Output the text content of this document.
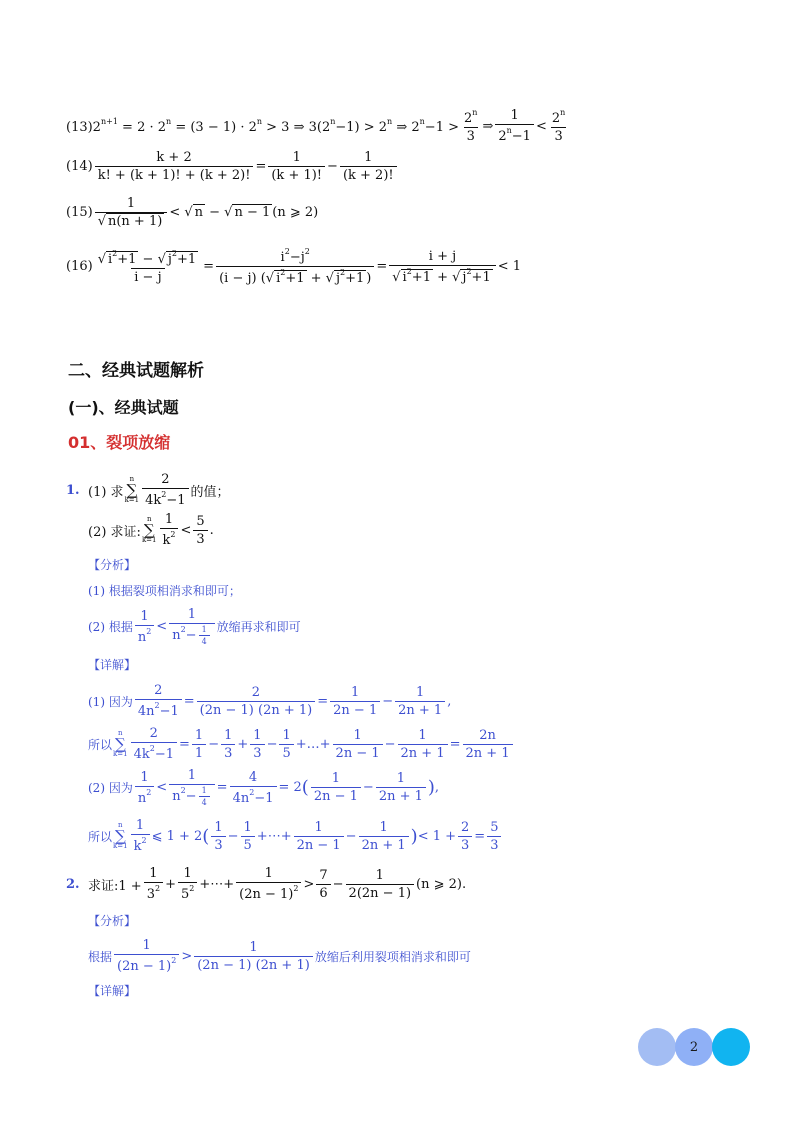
$(13)2^{n+1} = 2 \cdot 2^n = (3 - 1) \cdot 2^n > 3$ ⇒ $3(2^n-1) > 2^n$ ⇒ $2^n-1 > \frac{2^n}{3}$ ⇒ $\frac{1}{2^n-1} < \frac{2^n}{3}$
$(14) \frac{k + 2}{k! + (k + 1)! + (k + 2)!} = \frac{1}{(k + 1)!} - \frac{1}{(k + 2)!}$
$(15) \frac{1}{√ n(n + 1)}$ < √ n − √ n − 1 (n ⩾ 2)
$(16) \frac{√ i^2+1 - √ j^2+1}{i - j} = \frac{i^2-j^2}{(i - j) (√ i^2+1 + √ j^2+1 )} = \frac{i + j}{√ i^2+1 + √ j^2+1} < 1$
二、经典试题解析
(一)、经典试题
01、裂项放缩
1. (1) 求
n
∑
$k=1 \frac{2}{4k^2-1}$ 的值；
(2) 求证:
n
∑
$k=1 \frac{1}{k^2} < \frac{5}{3}$ .
【分析】
(1) 根据裂项相消求和即可；
(2) 根据 $\frac{1}{n^2} < \frac{1}{n^2- \frac{1}{4}}$ 放缩再求和即可
【详解】
(1) 因为 $\frac{2}{4n^2-1} = \frac{2}{(2n - 1) (2n + 1)} = \frac{1}{2n - 1} - \frac{1}{2n + 1}$ ,
所以
n
∑
$k=1 \frac{2}{4k^2-1} = \frac{1}{1} - \frac{1}{3} + \frac{1}{3} - \frac{1}{5}$ +…+ $\frac{1}{2n - 1} - \frac{1}{2n + 1} = \frac{2n}{2n + 1}$
(2) 因为 $\frac{1}{n^2} < \frac{1}{n^2- \frac{1}{4}} = \frac{4}{4n^2-1} = 2$ ( $\frac{1}{2n - 1} - \frac{1}{2n + 1}$ ) ,
所以
n
∑
$k=1 \frac{1}{k^2}$ ⩽ 1 + 2 ( $\frac{1}{3} - \frac{1}{5}$ +⋯+ $\frac{1}{2n - 1} - \frac{1}{2n + 1}$ ) < $1 + \frac{2}{3} = \frac{5}{3}$
2. 求证:1 + $\frac{1}{3^2} + \frac{1}{5^2}$ +⋯+ $\frac{1}{(2n - 1)^2} > \frac{7}{6} - \frac{1}{2(2n - 1)} (n$ ⩾ 2).
【分析】
根据 $\frac{1}{(2n - 1)^2} > \frac{1}{(2n - 1) (2n + 1)}$ 放缩后利用裂项相消求和即可
【详解】
2
